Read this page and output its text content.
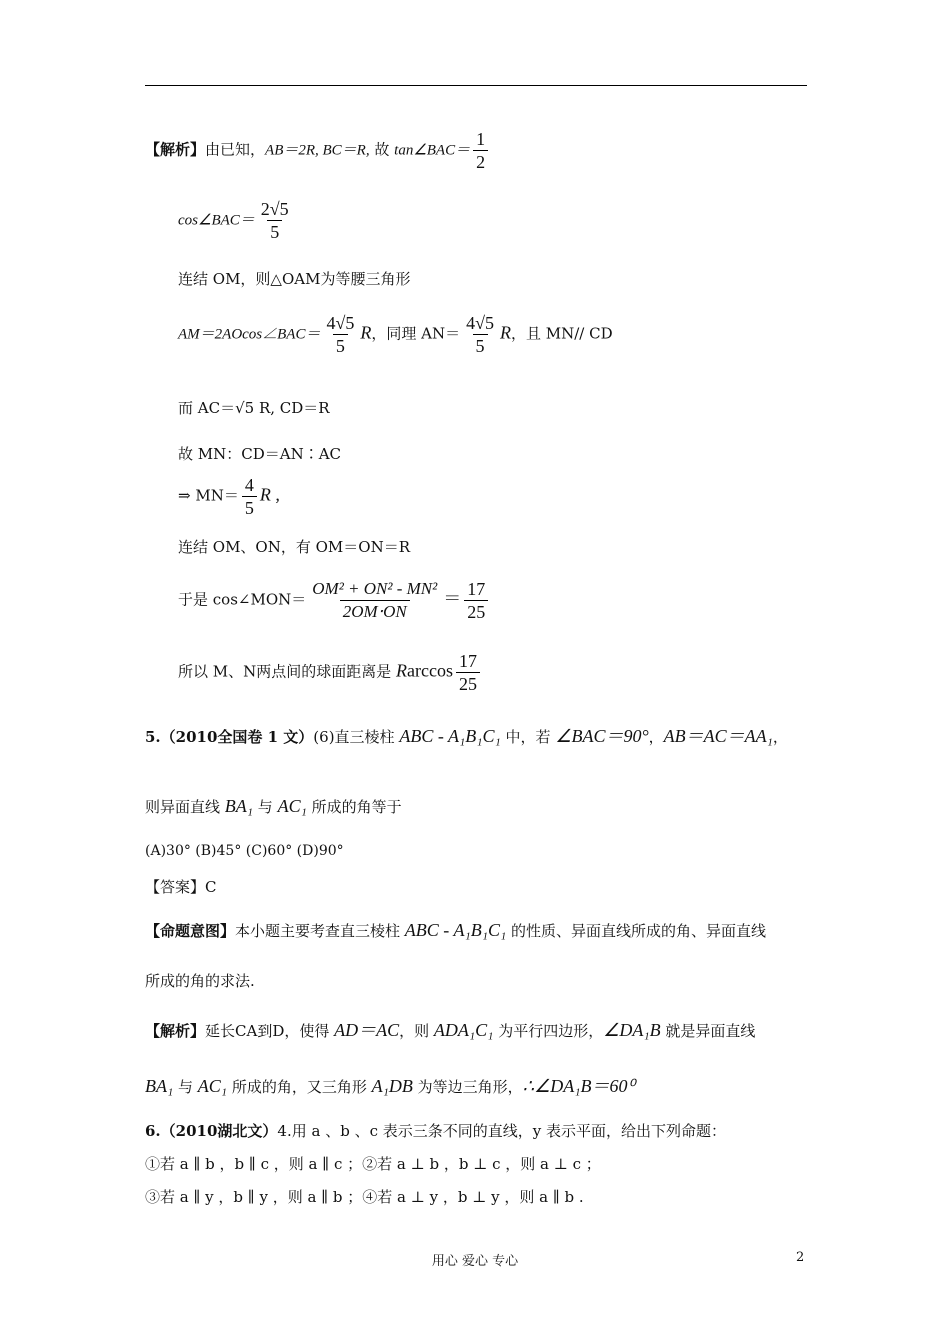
【解析】由已知，AB＝2R, BC＝R, 故 tan∠BAC＝ $\frac{1}{2}$
cos∠BAC＝ $\frac{2√5}{5}$
连结 OM，则△OAM为等腰三角形
AM＝2AOcos∠BAC＝ $\frac{4√5}{5}$ R，同理 $AN= \frac{4√5}{5}$ R，且 MN// CD
而 AC＝√5 R, CD＝R
故 MN：CD＝AN∶AC
⇒ $MN= \frac{4}{5}$ R ,
连结 OM、ON，有 OM＝ON＝R
于是 cos∠MON＝ $\frac{\text{OM² + ON² - MN²}}{2OM\cdot ON} = \frac{17}{25}$
所以 M、N两点间的球面距离是 Rarccos $\frac{17}{25}$
5.（2010全国卷 1 文）(6)直三棱柱 ABC - A₁B₁C₁ 中，若 ∠BAC＝90°，AB＝AC＝AA₁，
则异面直线 BA₁ 与 AC₁ 所成的角等于
(A)30° (B)45° (C)60° (D)90°
【答案】C
【命题意图】本小题主要考查直三棱柱 ABC - A₁B₁C₁ 的性质、异面直线所成的角、异面直线
所成的角的求法.
【解析】延长CA到D，使得 AD＝AC，则 ADA₁C₁ 为平行四边形，∠DA₁B 就是异面直线
BA₁ 与 AC₁ 所成的角，又三角形 A₁DB 为等边三角形，∴∠DA₁B＝60⁰
6.（2010湖北文）4.用 a 、b 、c 表示三条不同的直线，y 表示平面，给出下列命题：
①若 a ∥ b ，b ∥ c ，则 a ∥ c ；②若 a ⊥ b ，b ⊥ c ，则 a ⊥ c ；
③若 a ∥ y ，b ∥ y ，则 a ∥ b ；④若 a ⊥ y ，b ⊥ y ，则 a ∥ b .
用心 爱心 专心	2
